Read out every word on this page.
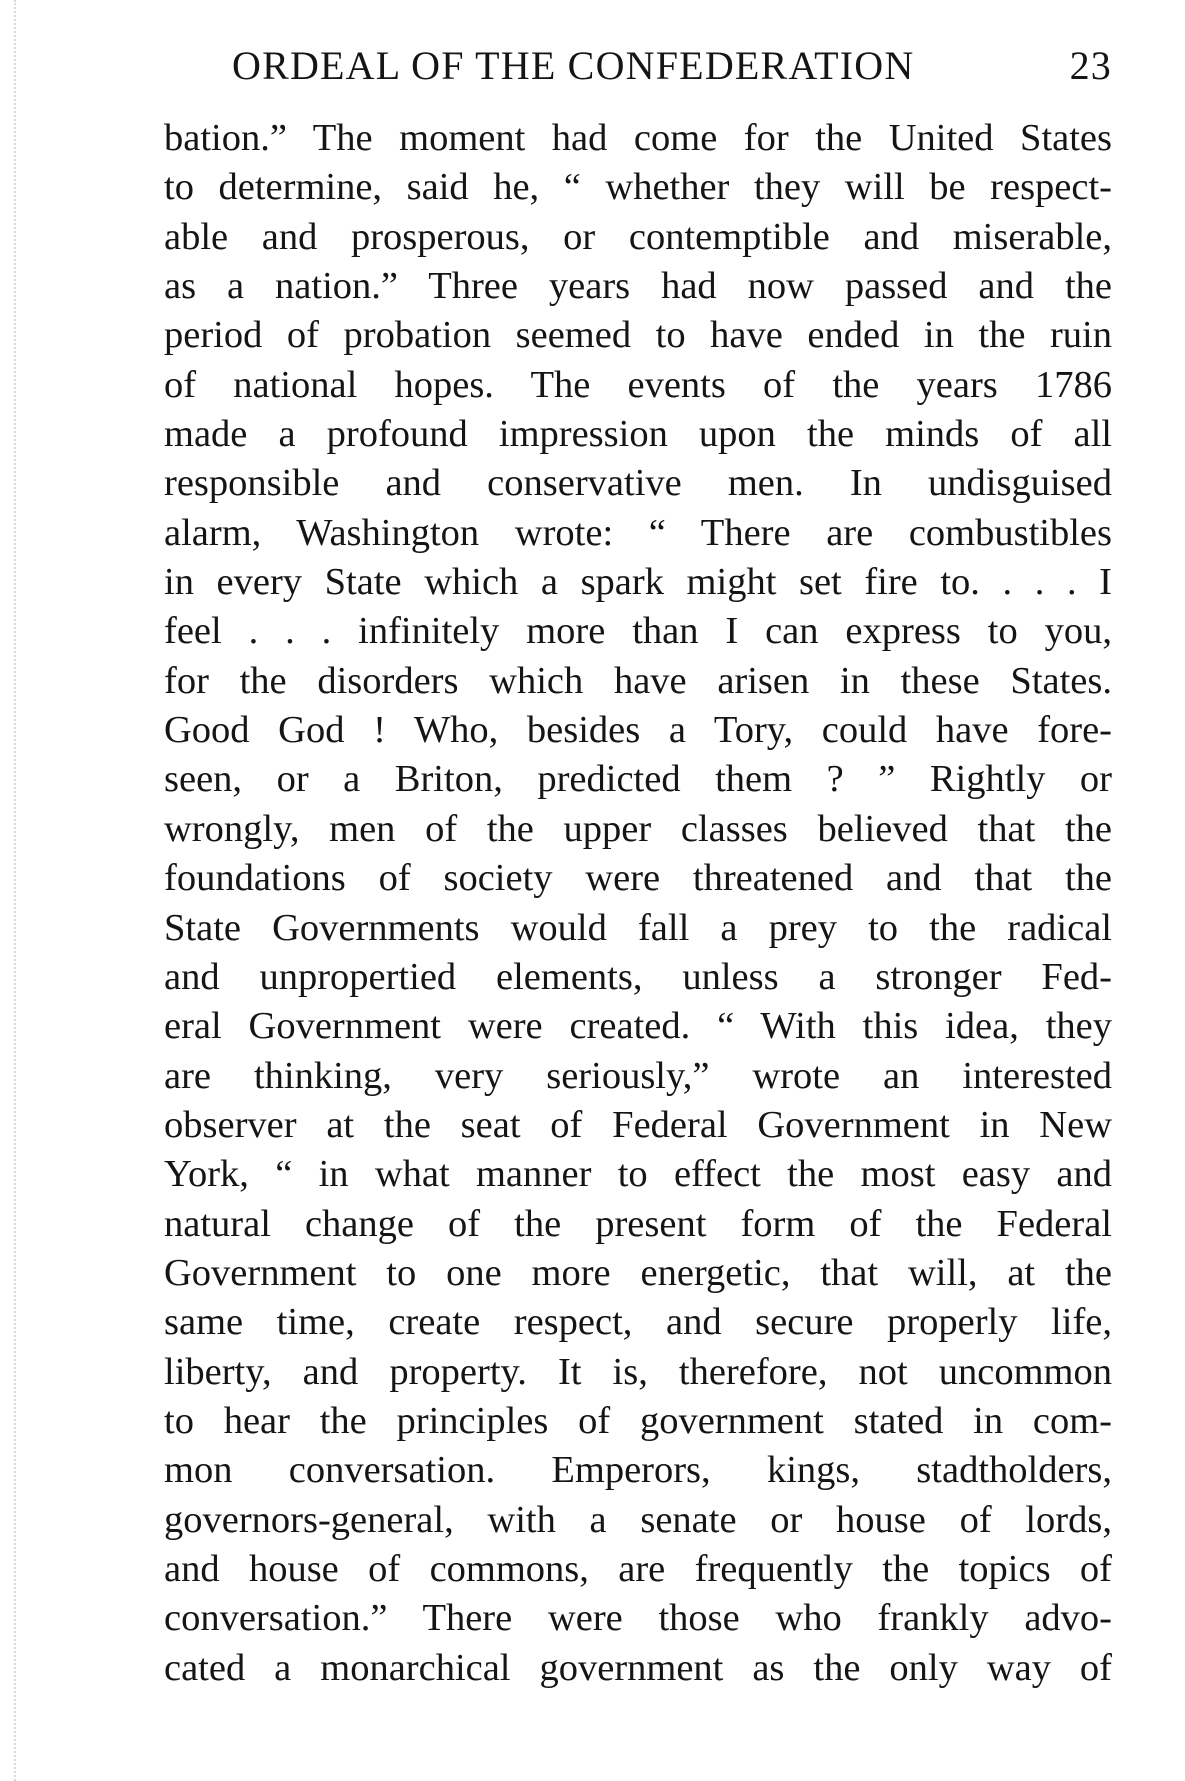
ORDEAL OF THE CONFEDERATION	23
bation.” The moment had come for the United States
to determine, said he, “ whether they will be respect-
able and prosperous, or contemptible and miserable,
as a nation.” Three years had now passed and the
period of probation seemed to have ended in the ruin
of national hopes. The events of the years 1786
made a profound impression upon the minds of all
responsible and conservative men. In undisguised
alarm, Washington wrote: “ There are combustibles
in every State which a spark might set fire to. . . . I
feel . . . infinitely more than I can express to you,
for the disorders which have arisen in these States.
Good God ! Who, besides a Tory, could have fore-
seen, or a Briton, predicted them ? ” Rightly or
wrongly, men of the upper classes believed that the
foundations of society were threatened and that the
State Governments would fall a prey to the radical
and unpropertied elements, unless a stronger Fed-
eral Government were created. “ With this idea, they
are thinking, very seriously,” wrote an interested
observer at the seat of Federal Government in New
York, “ in what manner to effect the most easy and
natural change of the present form of the Federal
Government to one more energetic, that will, at the
same time, create respect, and secure properly life,
liberty, and property. It is, therefore, not uncommon
to hear the principles of government stated in com-
mon conversation. Emperors, kings, stadtholders,
governors-general, with a senate or house of lords,
and house of commons, are frequently the topics of
conversation.” There were those who frankly advo-
cated a monarchical government as the only way of
